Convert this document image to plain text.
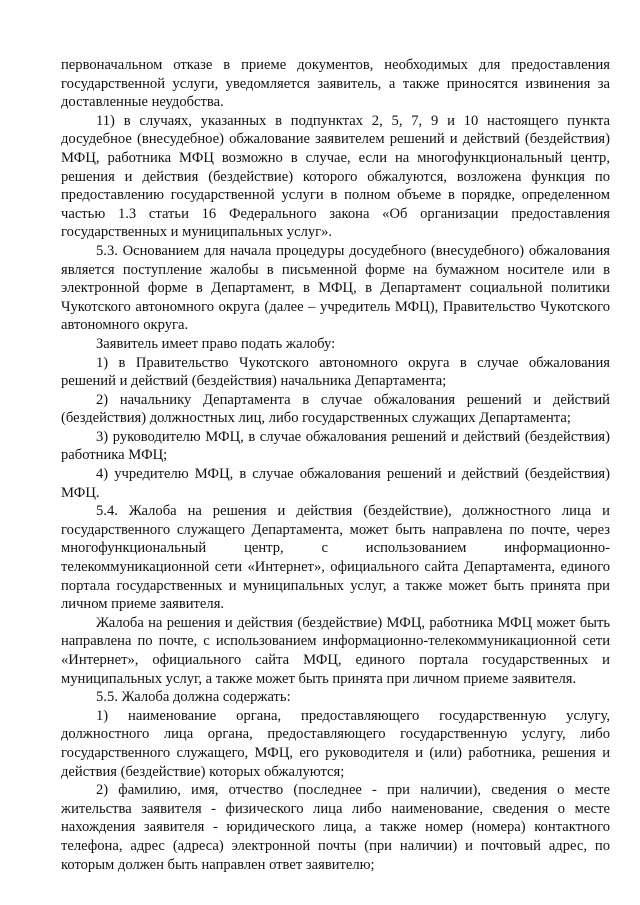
первоначальном отказе в приеме документов, необходимых для предоставления государственной услуги, уведомляется заявитель, а также приносятся извинения за доставленные неудобства.

11) в случаях, указанных в подпунктах 2, 5, 7, 9 и 10 настоящего пункта досудебное (внесудебное) обжалование заявителем решений и действий (бездействия) МФЦ, работника МФЦ возможно в случае, если на многофункциональный центр, решения и действия (бездействие) которого обжалуются, возложена функция по предоставлению государственной услуги в полном объеме в порядке, определенном частью 1.3 статьи 16 Федерального закона «Об организации предоставления государственных и муниципальных услуг».

5.3. Основанием для начала процедуры досудебного (внесудебного) обжалования является поступление жалобы в письменной форме на бумажном носителе или в электронной форме в Департамент, в МФЦ, в Департамент социальной политики Чукотского автономного округа (далее – учредитель МФЦ), Правительство Чукотского автономного округа.

Заявитель имеет право подать жалобу:

1) в Правительство Чукотского автономного округа в случае обжалования решений и действий (бездействия) начальника Департамента;

2) начальнику Департамента в случае обжалования решений и действий (бездействия) должностных лиц, либо государственных служащих Департамента;

3) руководителю МФЦ, в случае обжалования решений и действий (бездействия) работника МФЦ;

4) учредителю МФЦ, в случае обжалования решений и действий (бездействия) МФЦ.

5.4. Жалоба на решения и действия (бездействие), должностного лица и государственного служащего Департамента, может быть направлена по почте, через многофункциональный центр, с использованием информационно-телекоммуникационной сети «Интернет», официального сайта Департамента, единого портала государственных и муниципальных услуг, а также может быть принята при личном приеме заявителя.

Жалоба на решения и действия (бездействие) МФЦ, работника МФЦ может быть направлена по почте, с использованием информационно-телекоммуникационной сети «Интернет», официального сайта МФЦ, единого портала государственных и муниципальных услуг, а также может быть принята при личном приеме заявителя.

5.5. Жалоба должна содержать:

1) наименование органа, предоставляющего государственную услугу, должностного лица органа, предоставляющего государственную услугу, либо государственного служащего, МФЦ, его руководителя и (или) работника, решения и действия (бездействие) которых обжалуются;

2) фамилию, имя, отчество (последнее - при наличии), сведения о месте жительства заявителя - физического лица либо наименование, сведения о месте нахождения заявителя - юридического лица, а также номер (номера) контактного телефона, адрес (адреса) электронной почты (при наличии) и почтовый адрес, по которым должен быть направлен ответ заявителю;
